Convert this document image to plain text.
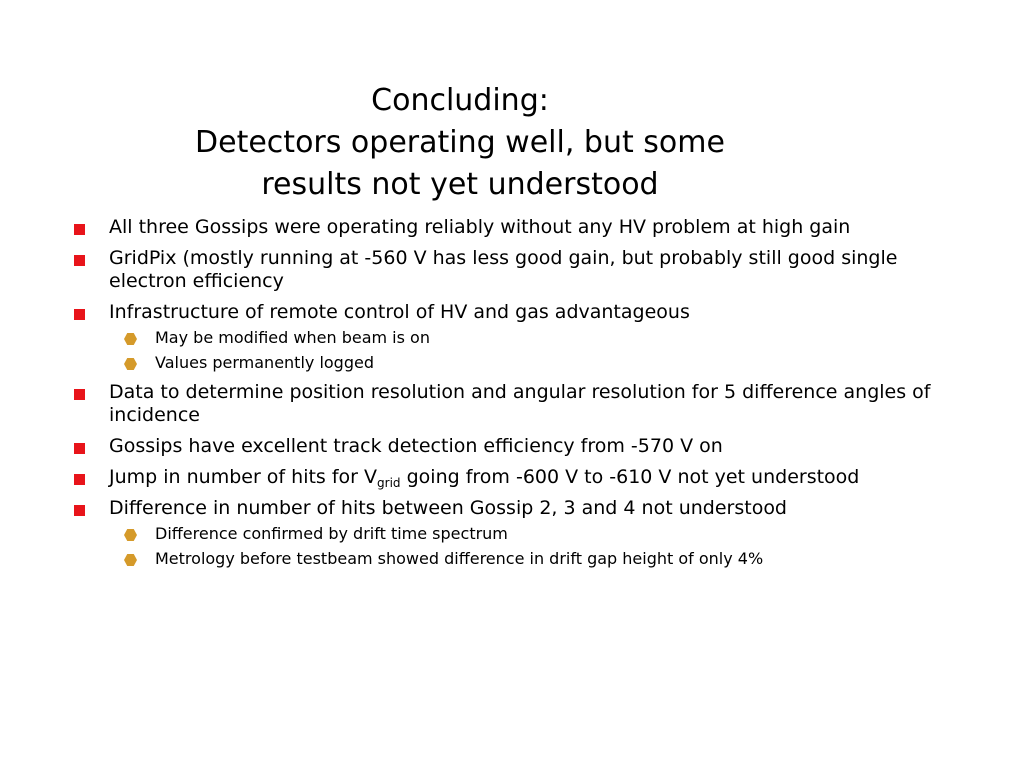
Concluding:
Detectors operating well, but some
results not yet understood
All three Gossips were operating reliably without any HV problem at high gain
GridPix (mostly running at -560 V has less good gain, but probably still good single electron efficiency
Infrastructure of remote control of HV and gas advantageous
May be modified when beam is on
Values permanently logged
Data to determine position resolution and angular resolution for 5 difference angles of incidence
Gossips have excellent track detection efficiency from -570 V on
Jump in number of hits for $V_{grid}$ going from -600 V to -610 V not yet understood
Difference in number of hits between Gossip 2, 3 and 4 not understood
Difference confirmed by drift time spectrum
Metrology before testbeam showed difference in drift gap height of only 4%
